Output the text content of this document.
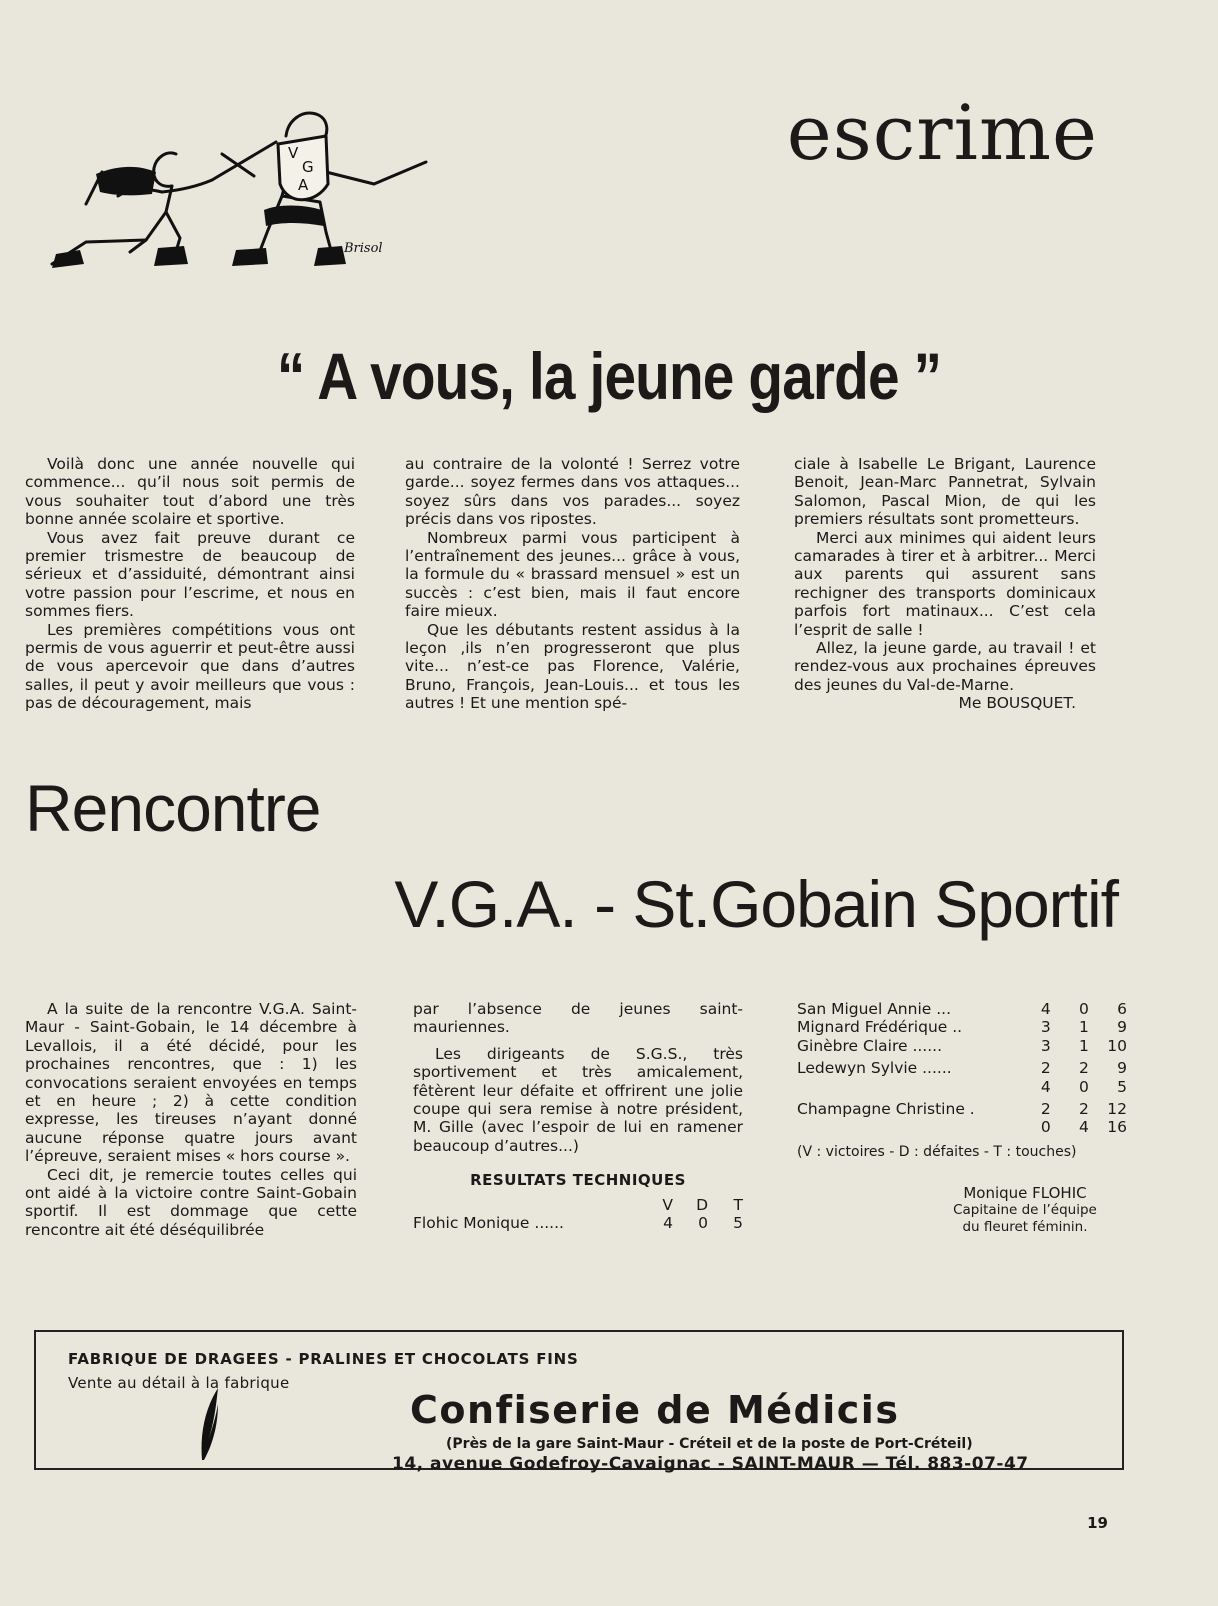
escrime
V
G
A
Brisol
“ A vous, la jeune garde ”

Voilà donc une année nouvelle qui commence... qu’il nous soit permis de vous souhaiter tout d’abord une très bonne année scolaire et sportive.

Vous avez fait preuve durant ce premier trismestre de beaucoup de sérieux et d’assiduité, démontrant ainsi votre passion pour l’escrime, et nous en sommes fiers.

Les premières compétitions vous ont permis de vous aguerrir et peut-être aussi de vous apercevoir que dans d’autres salles, il peut y avoir meilleurs que vous : pas de découragement, mais

au contraire de la volonté ! Serrez votre garde... soyez fermes dans vos attaques... soyez sûrs dans vos parades... soyez précis dans vos ripostes.

Nombreux parmi vous participent à l’entraînement des jeunes... grâce à vous, la formule du « brassard mensuel » est un succès : c’est bien, mais il faut encore faire mieux.

Que les débutants restent assidus à la leçon ,ils n’en progresseront que plus vite... n’est-ce pas Florence, Valérie, Bruno, François, Jean-Louis... et tous les autres ! Et une mention spé-

ciale à Isabelle Le Brigant, Laurence Benoit, Jean-Marc Pannetrat, Sylvain Salomon, Pascal Mion, de qui les premiers résultats sont prometteurs.

Merci aux minimes qui aident leurs camarades à tirer et à arbitrer... Merci aux parents qui assurent sans rechigner des transports dominicaux parfois fort matinaux... C’est cela l’esprit de salle !

Allez, la jeune garde, au travail ! et rendez-vous aux prochaines épreuves des jeunes du Val-de-Marne.

Me BOUSQUET.

Rencontre
V.G.A. - St.Gobain Sportif

A la suite de la rencontre V.G.A. Saint-Maur - Saint-Gobain, le 14 décembre à Levallois, il a été décidé, pour les prochaines rencontres, que : 1) les convocations seraient envoyées en temps et en heure ; 2) à cette condition expresse, les tireuses n’ayant donné aucune réponse quatre jours avant l’épreuve, seraient mises « hors course ».

Ceci dit, je remercie toutes celles qui ont aidé à la victoire contre Saint-Gobain sportif. Il est dommage que cette rencontre ait été déséquilibrée

par l’absence de jeunes saint-mauriennes.

Les dirigeants de S.G.S., très sportivement et très amicalement, fêtèrent leur défaite et offrirent une jolie coupe qui sera remise à notre président, M. Gille (avec l’espoir de lui en ramener beaucoup d’autres...)

RESULTATS TECHNIQUES
	V	D	T
Flohic Monique ......	4	0	5
San Miguel Annie ...	4	0	6
Mignard Frédérique ..	3	1	9
Ginèbre Claire ......	3	1	10
Ledewyn Sylvie ......	2	2	9
	4	0	5
Champagne Christine .	2	2	12
	0	4	16
(V : victoires - D : défaites - T : touches)
Monique FLOHIC
Capitaine de l’équipe
du fleuret féminin.
FABRIQUE DE DRAGEES - PRALINES ET CHOCOLATS FINS
Vente au détail à la fabrique
Confiserie de Médicis
(Près de la gare Saint-Maur - Créteil et de la poste de Port-Créteil)
14, avenue Godefroy-Cavaignac - SAINT-MAUR — Tél. 883-07-47
19
